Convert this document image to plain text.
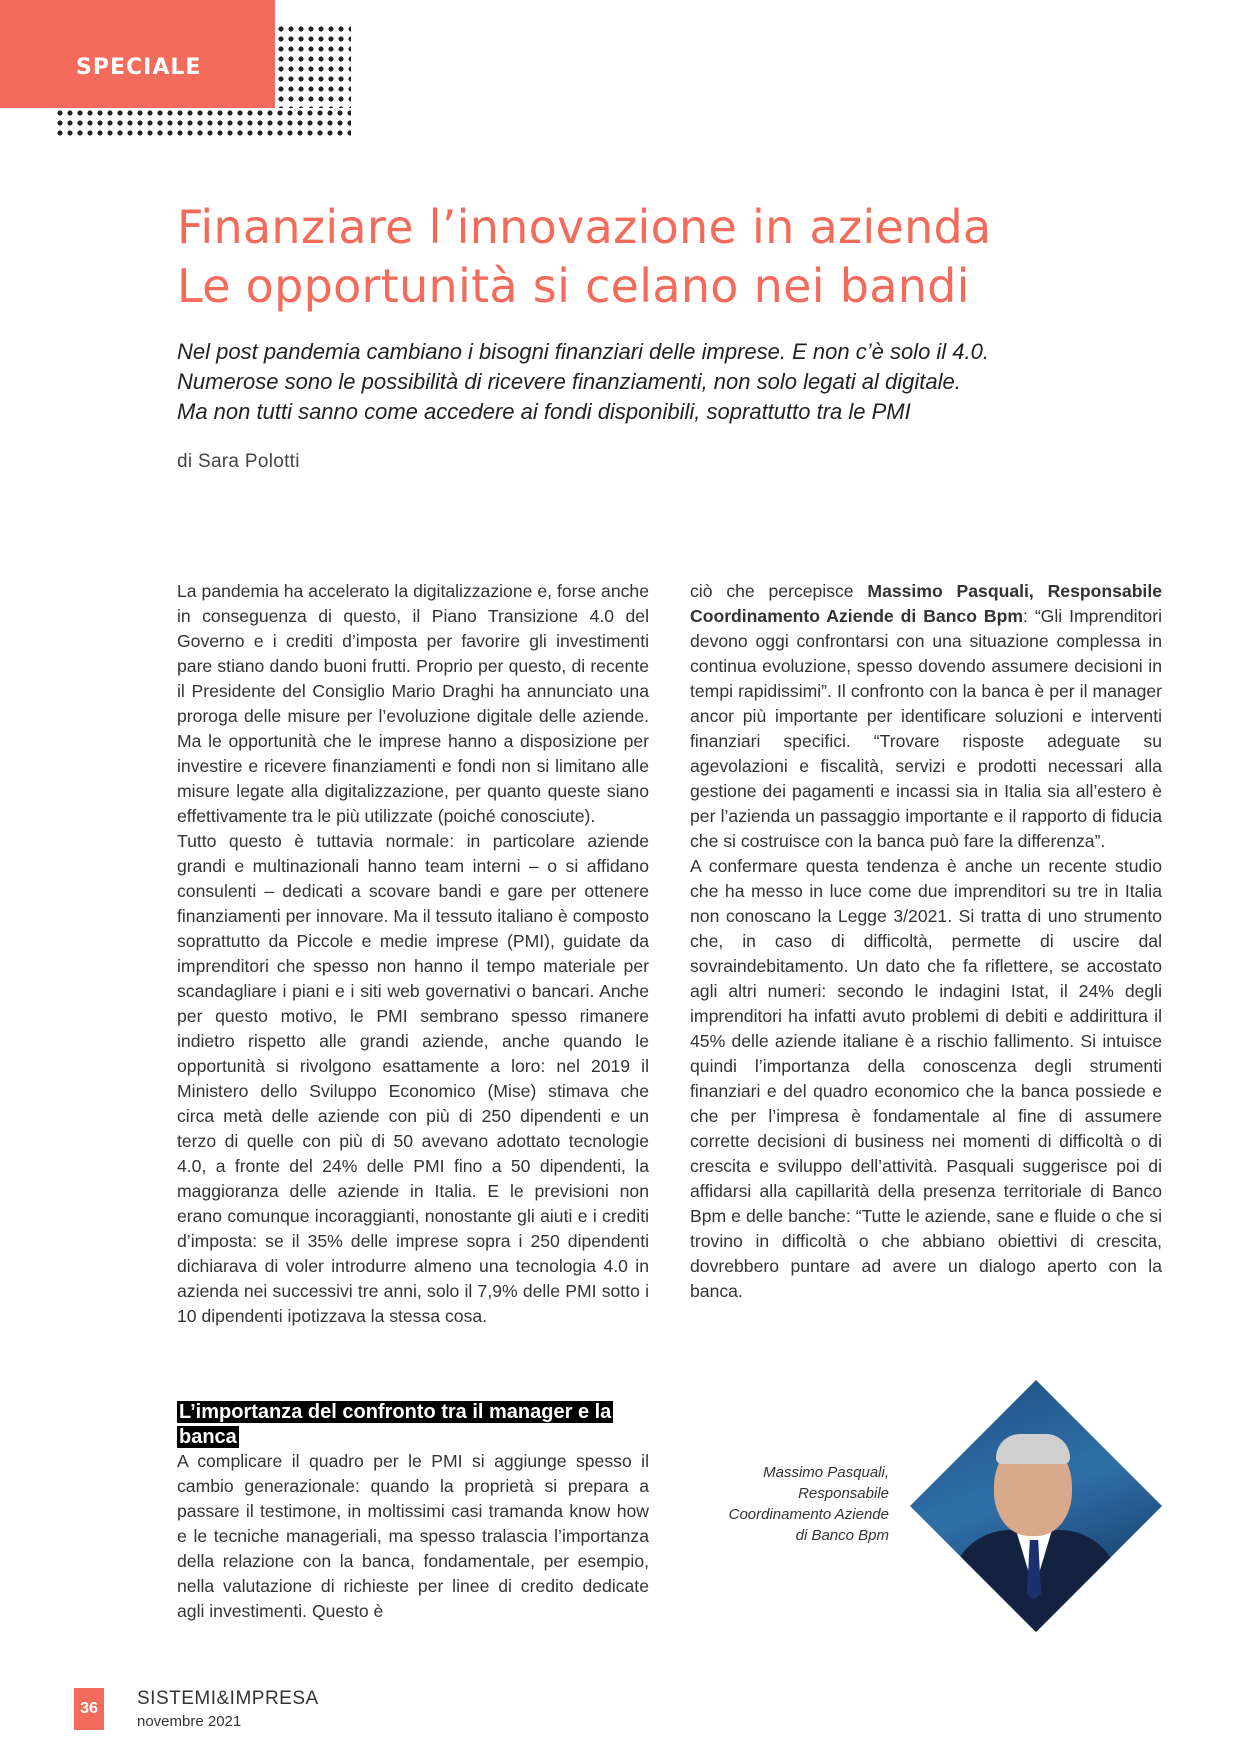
SPECIALE
Finanziare l’innovazione in azienda
Le opportunità si celano nei bandi
Nel post pandemia cambiano i bisogni finanziari delle imprese. E non c’è solo il 4.0.
Numerose sono le possibilità di ricevere finanziamenti, non solo legati al digitale.
Ma non tutti sanno come accedere ai fondi disponibili, soprattutto tra le PMI
di Sara Polotti

La pandemia ha accelerato la digitalizzazione e, forse anche in conseguenza di questo, il Piano Transizione 4.0 del Governo e i crediti d’imposta per favorire gli investimenti pare stiano dando buoni frutti. Proprio per questo, di recente il Presidente del Consiglio Mario Draghi ha annunciato una proroga delle misure per l’evoluzione digitale delle aziende. Ma le opportunità che le imprese hanno a disposizione per investire e ricevere finanziamenti e fondi non si limitano alle misure legate alla digitalizzazione, per quanto queste siano effettivamente tra le più utilizzate (poiché conosciute).

Tutto questo è tuttavia normale: in particolare aziende grandi e multinazionali hanno team interni – o si affidano consulenti – dedicati a scovare bandi e gare per ottenere finanziamenti per innovare. Ma il tessuto italiano è composto soprattutto da Piccole e medie imprese (PMI), guidate da imprenditori che spesso non hanno il tempo materiale per scandagliare i piani e i siti web governativi o bancari. Anche per questo motivo, le PMI sembrano spesso rimanere indietro rispetto alle grandi aziende, anche quando le opportunità si rivolgono esattamente a loro: nel 2019 il Ministero dello Sviluppo Economico (Mise) stimava che circa metà delle aziende con più di 250 dipendenti e un terzo di quelle con più di 50 avevano adottato tecnologie 4.0, a fronte del 24% delle PMI fino a 50 dipendenti, la maggioranza delle aziende in Italia. E le previsioni non erano comunque incoraggianti, nonostante gli aiuti e i crediti d’imposta: se il 35% delle imprese sopra i 250 dipendenti dichiarava di voler introdurre almeno una tecnologia 4.0 in azienda nei successivi tre anni, solo il 7,9% delle PMI sotto i 10 dipendenti ipotizzava la stessa cosa.

L’importanza del confronto tra il manager e la banca

A complicare il quadro per le PMI si aggiunge spesso il cambio generazionale: quando la proprietà si prepara a passare il testimone, in moltissimi casi tramanda know how e le tecniche manageriali, ma spesso tralascia l’importanza della relazione con la banca, fondamentale, per esempio, nella valutazione di richieste per linee di credito dedicate agli investimenti. Questo è

ciò che percepisce Massimo Pasquali, Responsabile Coordinamento Aziende di Banco Bpm: “Gli Imprenditori devono oggi confrontarsi con una situazione complessa in continua evoluzione, spesso dovendo assumere decisioni in tempi rapidissimi”. Il confronto con la banca è per il manager ancor più importante per identificare soluzioni e interventi finanziari specifici. “Trovare risposte adeguate su agevolazioni e fiscalità, servizi e prodotti necessari alla gestione dei pagamenti e incassi sia in Italia sia all’estero è per l’azienda un passaggio importante e il rapporto di fiducia che si costruisce con la banca può fare la differenza”.

A confermare questa tendenza è anche un recente studio che ha messo in luce come due imprenditori su tre in Italia non conoscano la Legge 3/2021. Si tratta di uno strumento che, in caso di difficoltà, permette di uscire dal sovraindebitamento. Un dato che fa riflettere, se accostato agli altri numeri: secondo le indagini Istat, il 24% degli imprenditori ha infatti avuto problemi di debiti e addirittura il 45% delle aziende italiane è a rischio fallimento. Si intuisce quindi l’importanza della conoscenza degli strumenti finanziari e del quadro economico che la banca possiede e che per l’impresa è fondamentale al fine di assumere corrette decisioni di business nei momenti di difficoltà o di crescita e sviluppo dell’attività. Pasquali suggerisce poi di affidarsi alla capillarità della presenza territoriale di Banco Bpm e delle banche: “Tutte le aziende, sane e fluide o che si trovino in difficoltà o che abbiano obiettivi di crescita, dovrebbero puntare ad avere un dialogo aperto con la banca.

Massimo Pasquali,
Responsabile
Coordinamento Aziende
di Banco Bpm
36	SISTEMI&IMPRESA
novembre 2021
